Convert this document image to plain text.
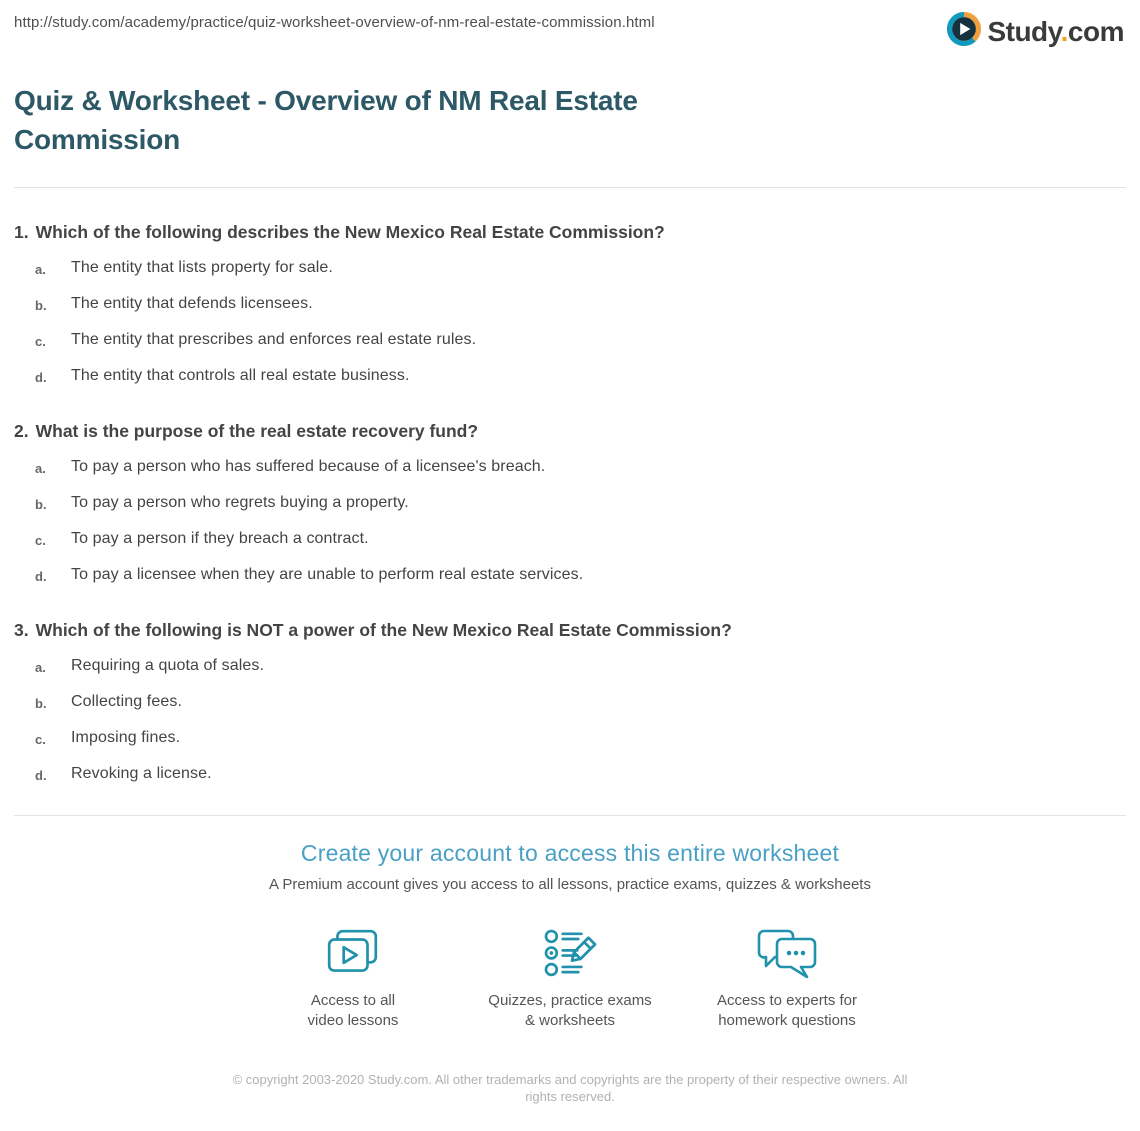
http://study.com/academy/practice/quiz-worksheet-overview-of-nm-real-estate-commission.html	Study.com
Quiz & Worksheet - Overview of NM Real Estate Commission
1. Which of the following describes the New Mexico Real Estate Commission?
a.	The entity that lists property for sale.
b.	The entity that defends licensees.
c.	The entity that prescribes and enforces real estate rules.
d.	The entity that controls all real estate business.
2. What is the purpose of the real estate recovery fund?
a.	To pay a person who has suffered because of a licensee's breach.
b.	To pay a person who regrets buying a property.
c.	To pay a person if they breach a contract.
d.	To pay a licensee when they are unable to perform real estate services.
3. Which of the following is NOT a power of the New Mexico Real Estate Commission?
a.	Requiring a quota of sales.
b.	Collecting fees.
c.	Imposing fines.
d.	Revoking a license.
Create your account to access this entire worksheet

A Premium account gives you access to all lessons, practice exams, quizzes & worksheets

Access to all
video lessons
Quizzes, practice exams
& worksheets
Access to experts for
homework questions

© copyright 2003-2020 Study.com. All other trademarks and copyrights are the property of their respective owners. All rights reserved.
